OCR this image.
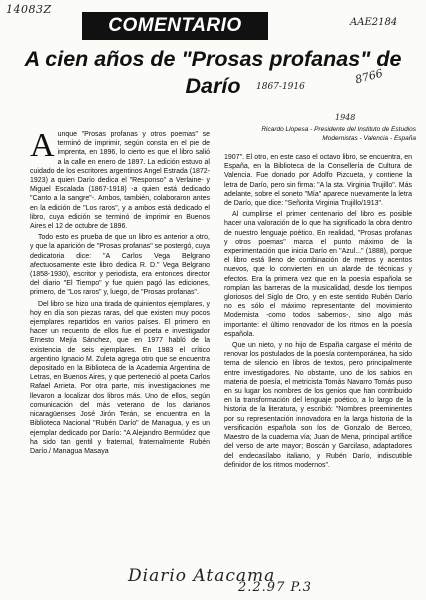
14083Z
AAE2184
1867-1916
8766
1948
COMENTARIO
A cien años de "Prosas profanas" de Darío
Ricardo Llopesa - Presidente del Instituto de Estudios Modernistas - Valencia - España

Aunque "Prosas profanas y otros poemas" se terminó de imprimir, según consta en el pie de imprenta, en 1896, lo cierto es que el libro salió a la calle en enero de 1897. La edición estuvo al cuidado de los escritores argentinos Angel Estrada (1872-1923) a quien Darío dedica el "Responso" a Verlaine- y Miguel Escalada (1867-1918) -a quien está dedicado "Canto a la sangre"-. Ambos, también, colaboraron antes en la edición de "Los raros", y a ambos está dedicado el libro, cuya edición se terminó de imprimir en Buenos Aires el 12 de octubre de 1896.

Todo esto es prueba de que un libro es anterior a otro, y que la aparición de "Prosas profanas" se postergó, cuya dedicatoria dice: "A Carlos Vega Belgrano afectuosamente este libro dedica R. D." Vega Belgrano (1858-1930), escritor y periodista, era entonces director del diario "El Tiempo" y fue quien pagó las ediciones, primero, de "Los raros" y, luego, de "Prosas profanas".

Del libro se hizo una tirada de quinientos ejemplares, y hoy en día son piezas raras, del que existen muy pocos ejemplares repartidos en varios países. El primero en hacer un recuento de ellos fue el poeta e investigador Ernesto Mejía Sánchez, que en 1977 habló de la existencia de seis ejemplares. En 1983 el crítico argentino Ignacio M. Zuleta agrega otro que se encuentra depositado en la Biblioteca de la Academia Argentina de Letras, en Buenos Aires, y que perteneció al poeta Carlos Rafael Arrieta. Por otra parte, mis investigaciones me llevaron a localizar dos libros más. Uno de ellos, según comunicación del más veterano de los darianos nicaragüenses José Jirón Terán, se encuentra en la Biblioteca Nacional "Rubén Darío" de Managua, y es un ejemplar dedicado por Darío: "A Alejandro Bermúdez que ha sido tan gentil y fraternal, fraternalmente Rubén Darío./ Managua Masaya

1907". El otro, en este caso el octavo libro, se encuentra, en España, en la Biblioteca de la Consellería de Cultura de Valencia. Fue donado por Adolfo Pizcueta, y contiene la letra de Darío, pero sin firma: "A la sta. Virginia Trujillo". Más adelante, sobre el soneto "Mía" aparece nuevamente la letra de Darío, que dice: "Señorita Virginia Trujillo/1913".

Al cumplirse el primer centenario del libro es posible hacer una valoración de lo que ha significado la obra dentro de nuestro lenguaje poético. En realidad, "Prosas profanas y otros poemas" marca el punto máximo de la experimentación que inicia Darío en "Azul..." (1888), porque el libro está lleno de combinación de metros y acentos nuevos, que lo convierten en un alarde de técnicas y efectos. Era la primera vez que en la poesía española se rompían las barreras de la musicalidad, desde los tiempos gloriosos del Siglo de Oro, y en este sentido Rubén Darío no es sólo el máximo representante del movimiento Modernista -como todos sabemos-, sino algo más importante: el último renovador de los ritmos en la poesía española.

Que un nieto, y no hijo de España cargase el mérito de renovar los postulados de la poesía contemporánea, ha sido tema de silencio en libros de textos, pero principalmente entre investigadores. No obstante, uno de los sabios en materia de poesía, el metricista Tomás Navarro Tomás puso en su lugar los nombres de los genios que han contribuido en la transformación del lenguaje poético, a lo largo de la historia de la literatura, y escribió: "Nombres preeminentes por su representación innovadora en la larga historia de la versificación española son los de Gonzalo de Berceo, Maestro de la cuaderna vía; Juan de Mena, principal artífice del verso de arte mayor; Boscán y Garcilaso, adaptadores del endecasílabo italiano, y Rubén Darío, indiscutible definidor de los ritmos modernos".

Diario Atacama
2.2.97 P.3
